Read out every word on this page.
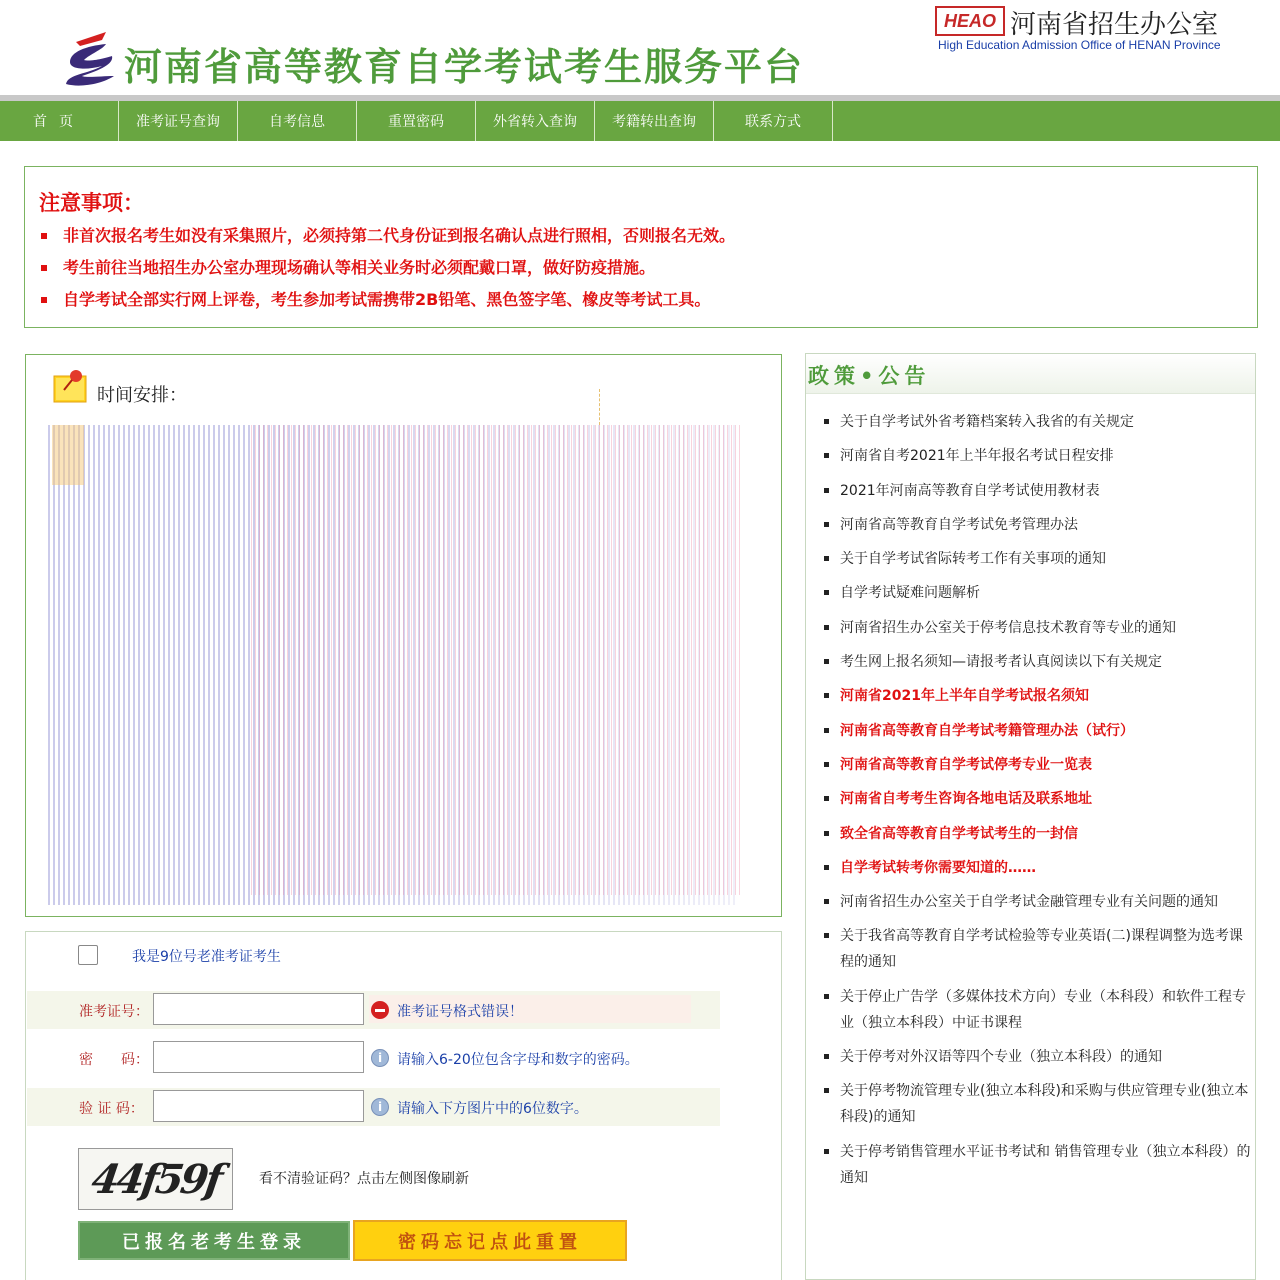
河南省高等教育自学考试考生服务平台
HEAO 河南省招生办公室
High Education Admission Office of HENAN Province
首页	准考证号查询	自考信息	重置密码	外省转入查询	考籍转出查询	联系方式
注意事项：
非首次报名考生如没有采集照片，必须持第二代身份证到报名确认点进行照相，否则报名无效。
考生前往当地招生办公室办理现场确认等相关业务时必须配戴口罩，做好防疫措施。
自学考试全部实行网上评卷，考生参加考试需携带2B铅笔、黑色签字笔、橡皮等考试工具。
时间安排：
政策•公告
关于自学考试外省考籍档案转入我省的有关规定
河南省自考2021年上半年报名考试日程安排
2021年河南高等教育自学考试使用教材表
河南省高等教育自学考试免考管理办法
关于自学考试省际转考工作有关事项的通知
自学考试疑难问题解析
河南省招生办公室关于停考信息技术教育等专业的通知
考生网上报名须知—请报考者认真阅读以下有关规定
河南省2021年上半年自学考试报名须知
河南省高等教育自学考试考籍管理办法（试行）
河南省高等教育自学考试停考专业一览表
河南省自考考生咨询各地电话及联系地址
致全省高等教育自学考试考生的一封信
自学考试转考你需要知道的……
河南省招生办公室关于自学考试金融管理专业有关问题的通知
关于我省高等教育自学考试检验等专业英语(二)课程调整为选考课程的通知
关于停止广告学（多媒体技术方向）专业（本科段）和软件工程专业（独立本科段）中证书课程
关于停考对外汉语等四个专业（独立本科段）的通知
关于停考物流管理专业(独立本科段)和采购与供应管理专业(独立本科段)的通知
关于停考销售管理水平证书考试和 销售管理专业（独立本科段）的通知
我是9位号老准考证考生
准考证号：	准考证号格式错误！
密　　码：	i	请输入6-20位包含字母和数字的密码。
验 证 码：	i	请输入下方图片中的6位数字。
44f59f	看不清验证码？点击左侧图像刷新
已报名老考生登录	密码忘记点此重置
